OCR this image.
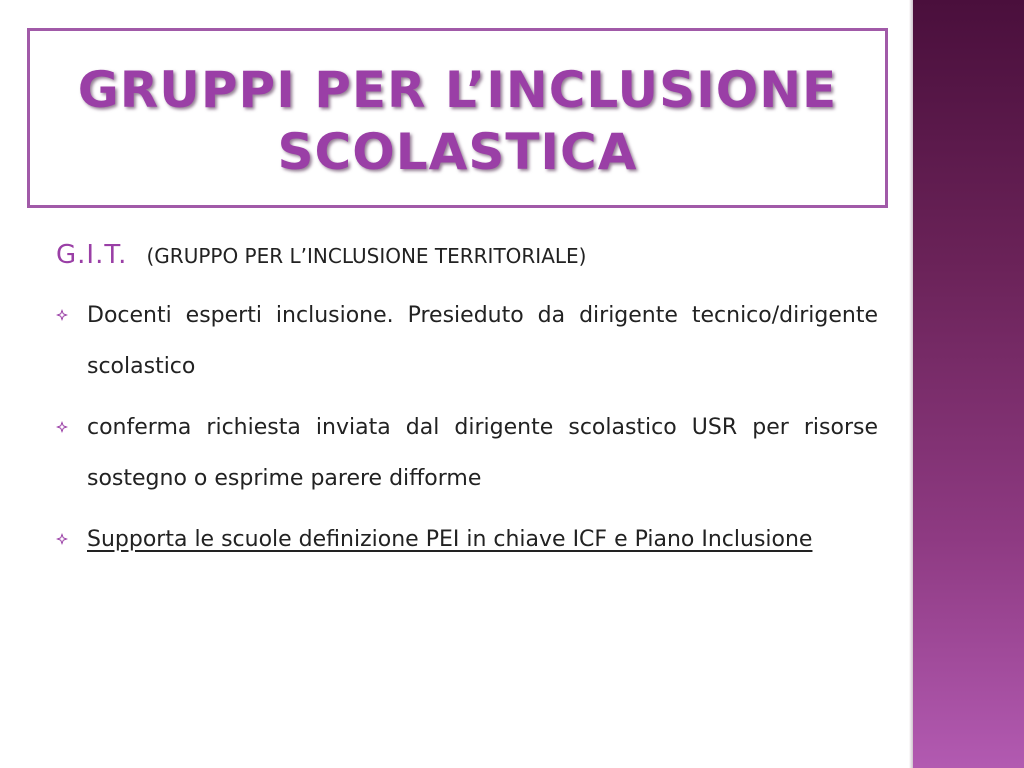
GRUPPI PER L’INCLUSIONE
SCOLASTICA
G.I.T. (GRUPPO PER L’INCLUSIONE TERRITORIALE)
Docenti esperti inclusione. Presieduto da dirigente tecnico/dirigente scolastico
conferma richiesta inviata dal dirigente scolastico USR per risorse sostegno o esprime parere difforme
Supporta le scuole definizione PEI in chiave ICF e Piano Inclusione
